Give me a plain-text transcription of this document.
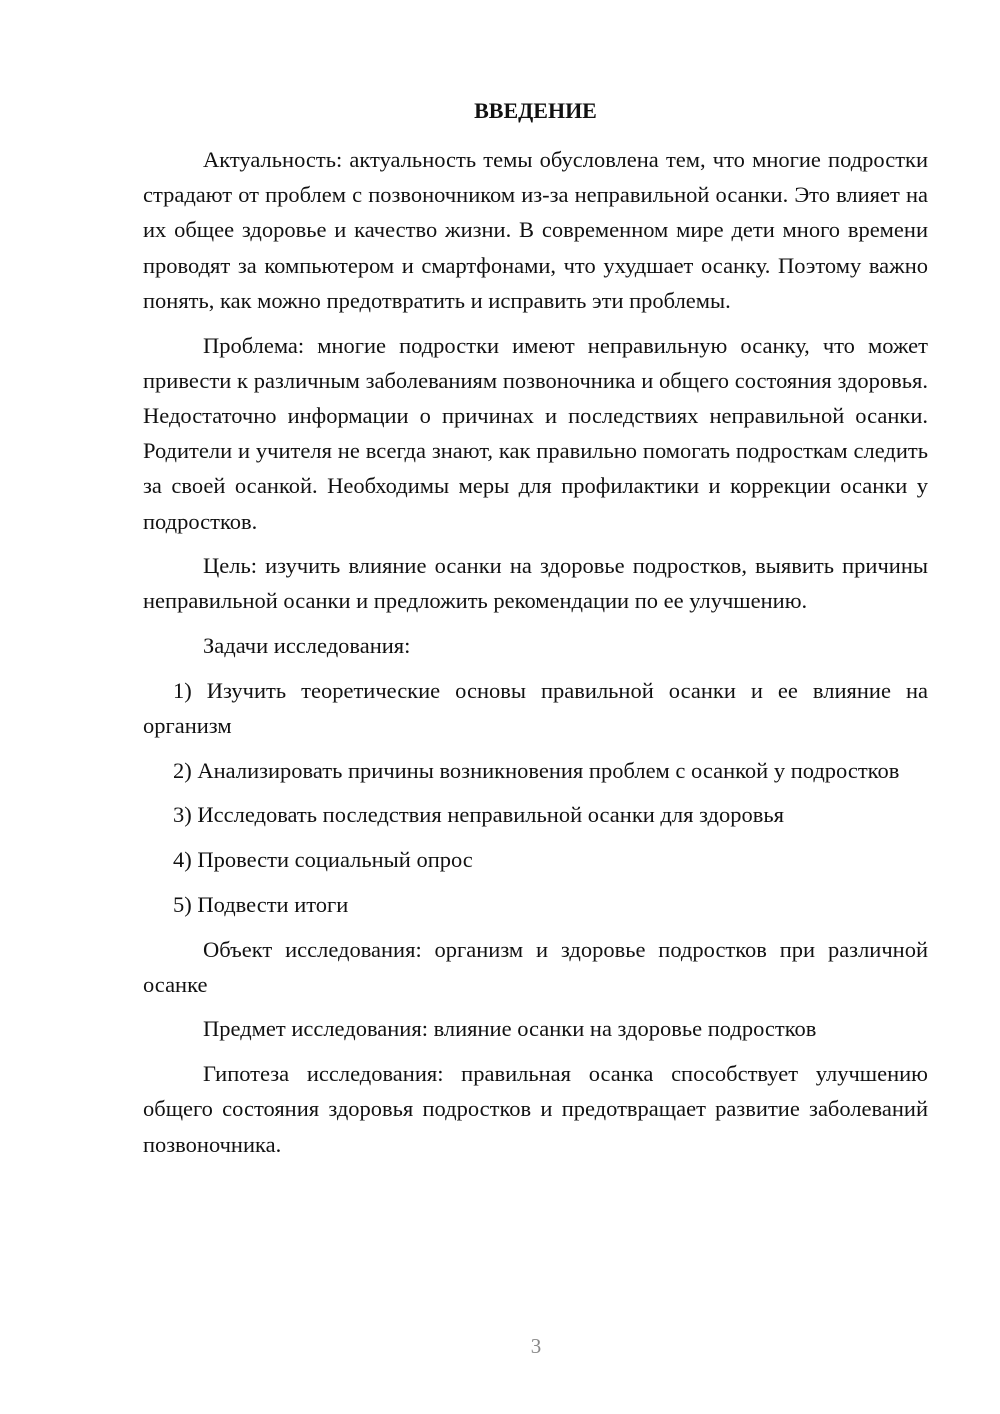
ВВЕДЕНИЕ

Актуальность: актуальность темы обусловлена тем, что многие подростки страдают от проблем с позвоночником из-за неправильной осанки. Это влияет на их общее здоровье и качество жизни. В современном мире дети много времени проводят за компьютером и смартфонами, что ухудшает осанку. Поэтому важно понять, как можно предотвратить и исправить эти проблемы.

Проблема: многие подростки имеют неправильную осанку, что может привести к различным заболеваниям позвоночника и общего состояния здоровья. Недостаточно информации о причинах и последствиях неправильной осанки. Родители и учителя не всегда знают, как правильно помогать подросткам следить за своей осанкой. Необходимы меры для профилактики и коррекции осанки у подростков.

Цель: изучить влияние осанки на здоровье подростков, выявить причины неправильной осанки и предложить рекомендации по ее улучшению.

Задачи исследования:

1) Изучить теоретические основы правильной осанки и ее влияние на организм

2) Анализировать причины возникновения проблем с осанкой у подростков

3) Исследовать последствия неправильной осанки для здоровья

4) Провести социальный опрос

5) Подвести итоги

Объект исследования: организм и здоровье подростков при различной осанке

Предмет исследования: влияние осанки на здоровье подростков

Гипотеза исследования: правильная осанка способствует улучшению общего состояния здоровья подростков и предотвращает развитие заболеваний позвоночника.

3
